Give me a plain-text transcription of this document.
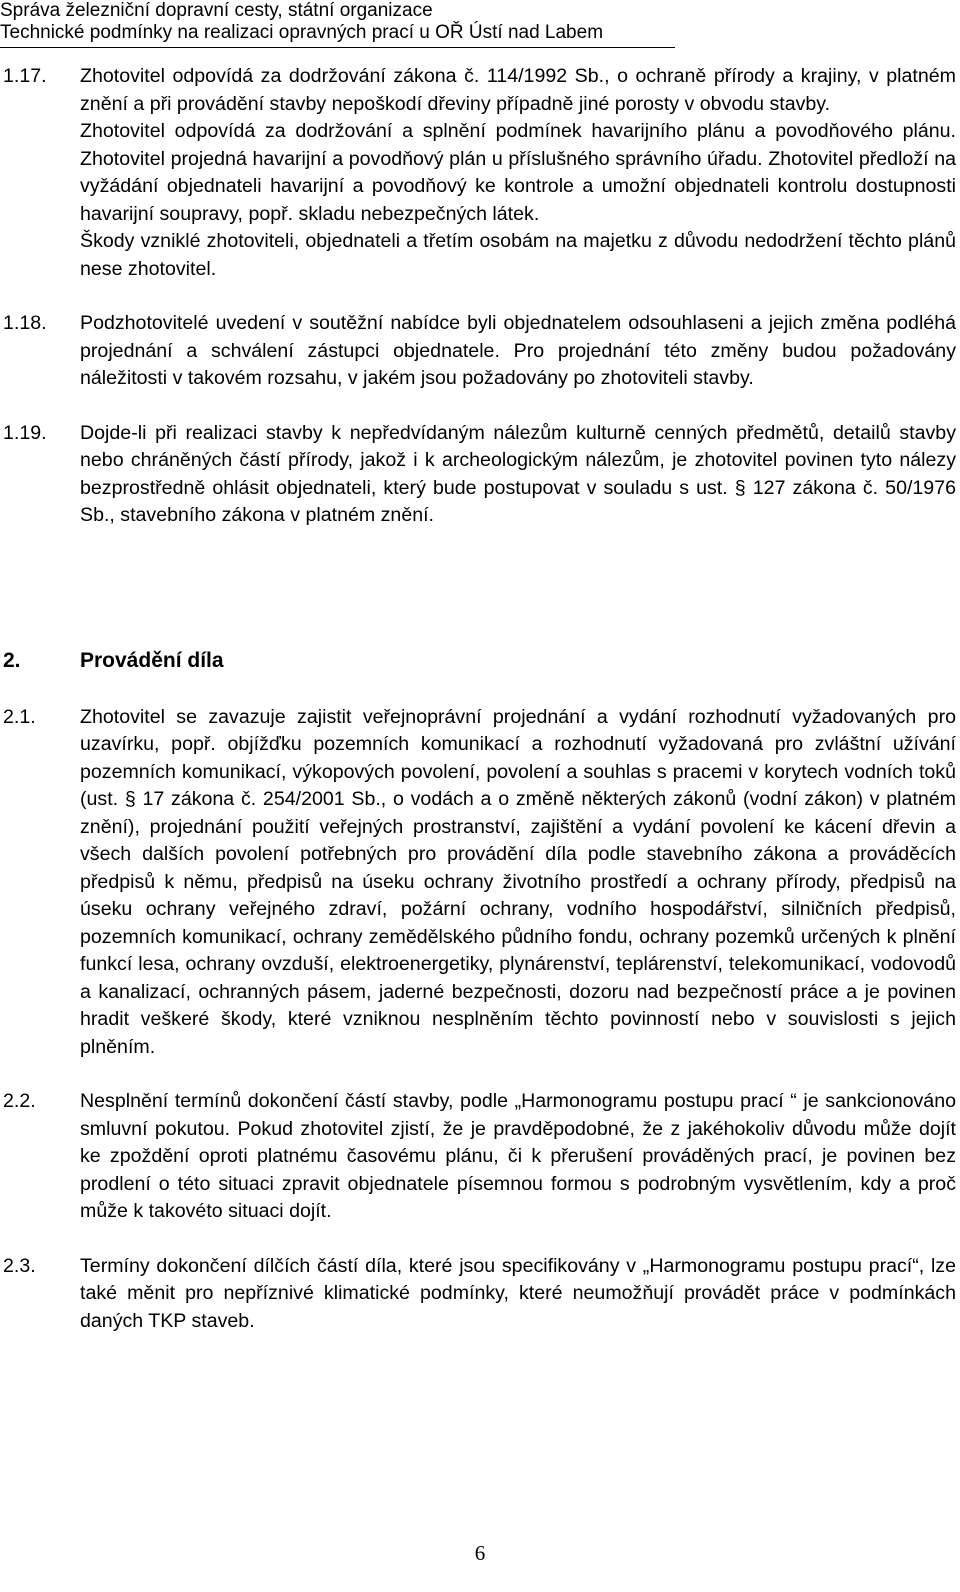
Správa železniční dopravní cesty, státní organizace
Technické podmínky na realizaci opravných prací u OŘ Ústí nad Labem
1.17.	Zhotovitel odpovídá za dodržování zákona č. 114/1992 Sb., o ochraně přírody a krajiny, v platném znění a při provádění stavby nepoškodí dřeviny případně jiné porosty v obvodu stavby.

Zhotovitel odpovídá za dodržování a splnění podmínek havarijního plánu a povodňového plánu. Zhotovitel projedná havarijní a povodňový plán u příslušného správního úřadu. Zhotovitel předloží na vyžádání objednateli havarijní a povodňový ke kontrole a umožní objednateli kontrolu dostupnosti havarijní soupravy, popř. skladu nebezpečných látek.

Škody vzniklé zhotoviteli, objednateli a třetím osobám na majetku z důvodu nedodržení těchto plánů nese zhotovitel.

1.18.	Podzhotovitelé uvedení v soutěžní nabídce byli objednatelem odsouhlaseni a jejich změna podléhá projednání a schválení zástupci objednatele. Pro projednání této změny budou požadovány náležitosti v takovém rozsahu, v jakém jsou požadovány po zhotoviteli stavby.

1.19.	Dojde-li při realizaci stavby k nepředvídaným nálezům kulturně cenných předmětů, detailů stavby nebo chráněných částí přírody, jakož i k archeologickým nálezům, je zhotovitel povinen tyto nálezy bezprostředně ohlásit objednateli, který bude postupovat v souladu s ust. § 127 zákona č. 50/1976 Sb., stavebního zákona v platném znění.

2.	Provádění díla
2.1.	Zhotovitel se zavazuje zajistit veřejnoprávní projednání a vydání rozhodnutí vyžadovaných pro uzavírku, popř. objížďku pozemních komunikací a rozhodnutí vyžadovaná pro zvláštní užívání pozemních komunikací, výkopových povolení, povolení a souhlas s pracemi v korytech vodních toků (ust. § 17 zákona č. 254/2001 Sb., o vodách a o změně některých zákonů (vodní zákon) v platném znění), projednání použití veřejných prostranství, zajištění a vydání povolení ke kácení dřevin a všech dalších povolení potřebných pro provádění díla podle stavebního zákona a prováděcích předpisů k němu, předpisů na úseku ochrany životního prostředí a ochrany přírody, předpisů na úseku ochrany veřejného zdraví, požární ochrany, vodního hospodářství, silničních předpisů, pozemních komunikací, ochrany zemědělského půdního fondu, ochrany pozemků určených k plnění funkcí lesa, ochrany ovzduší, elektroenergetiky, plynárenství, teplárenství, telekomunikací, vodovodů a kanalizací, ochranných pásem, jaderné bezpečnosti, dozoru nad bezpečností práce a je povinen hradit veškeré škody, které vzniknou nesplněním těchto povinností nebo v souvislosti s jejich plněním.

2.2.	Nesplnění termínů dokončení částí stavby, podle „Harmonogramu postupu prací “ je sankcionováno smluvní pokutou. Pokud zhotovitel zjistí, že je pravděpodobné, že z jakéhokoliv důvodu může dojít ke zpoždění oproti platnému časovému plánu, či k přerušení prováděných prací, je povinen bez prodlení o této situaci zpravit objednatele písemnou formou s podrobným vysvětlením, kdy a proč může k takovéto situaci dojít.

2.3.	Termíny dokončení dílčích částí díla, které jsou specifikovány v „Harmonogramu postupu prací“, lze také měnit pro nepříznivé klimatické podmínky, které neumožňují provádět práce v podmínkách daných TKP staveb.

6
